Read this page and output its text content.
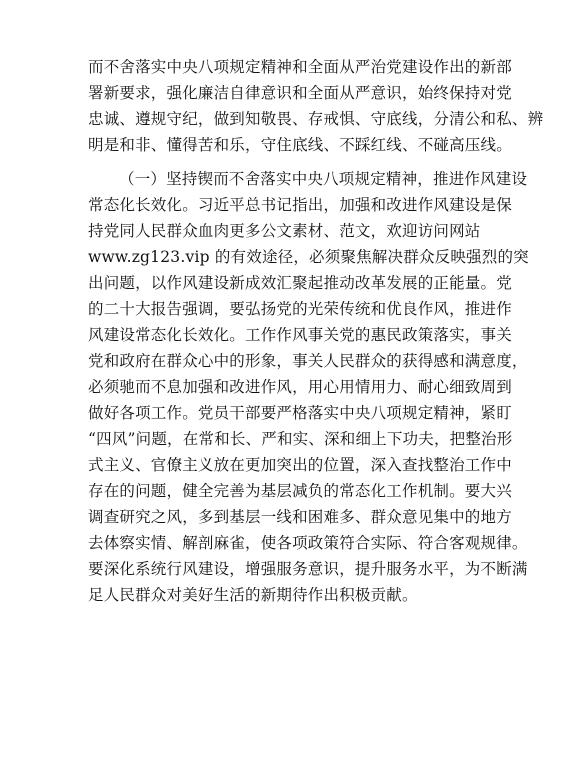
而不舍落实中央八项规定精神和全面从严治党建设作出的新部
署新要求，强化廉洁自律意识和全面从严意识，始终保持对党
忠诚、遵规守纪，做到知敬畏、存戒惧、守底线，分清公和私、辨
明是和非、懂得苦和乐，守住底线、不踩红线、不碰高压线。
（一）坚持锲而不舍落实中央八项规定精神，推进作风建设
常态化长效化。习近平总书记指出，加强和改进作风建设是保
持党同人民群众血肉更多公文素材、范文，欢迎访问网站
www.zg123.vip 的有效途径，必须聚焦解决群众反映强烈的突
出问题，以作风建设新成效汇聚起推动改革发展的正能量。党
的二十大报告强调，要弘扬党的光荣传统和优良作风，推进作
风建设常态化长效化。工作作风事关党的惠民政策落实，事关
党和政府在群众心中的形象，事关人民群众的获得感和满意度，
必须驰而不息加强和改进作风，用心用情用力、耐心细致周到
做好各项工作。党员干部要严格落实中央八项规定精神，紧盯
“四风”问题，在常和长、严和实、深和细上下功夫，把整治形
式主义、官僚主义放在更加突出的位置，深入查找整治工作中
存在的问题，健全完善为基层减负的常态化工作机制。要大兴
调查研究之风，多到基层一线和困难多、群众意见集中的地方
去体察实情、解剖麻雀，使各项政策符合实际、符合客观规律。
要深化系统行风建设，增强服务意识，提升服务水平，为不断满
足人民群众对美好生活的新期待作出积极贡献。
